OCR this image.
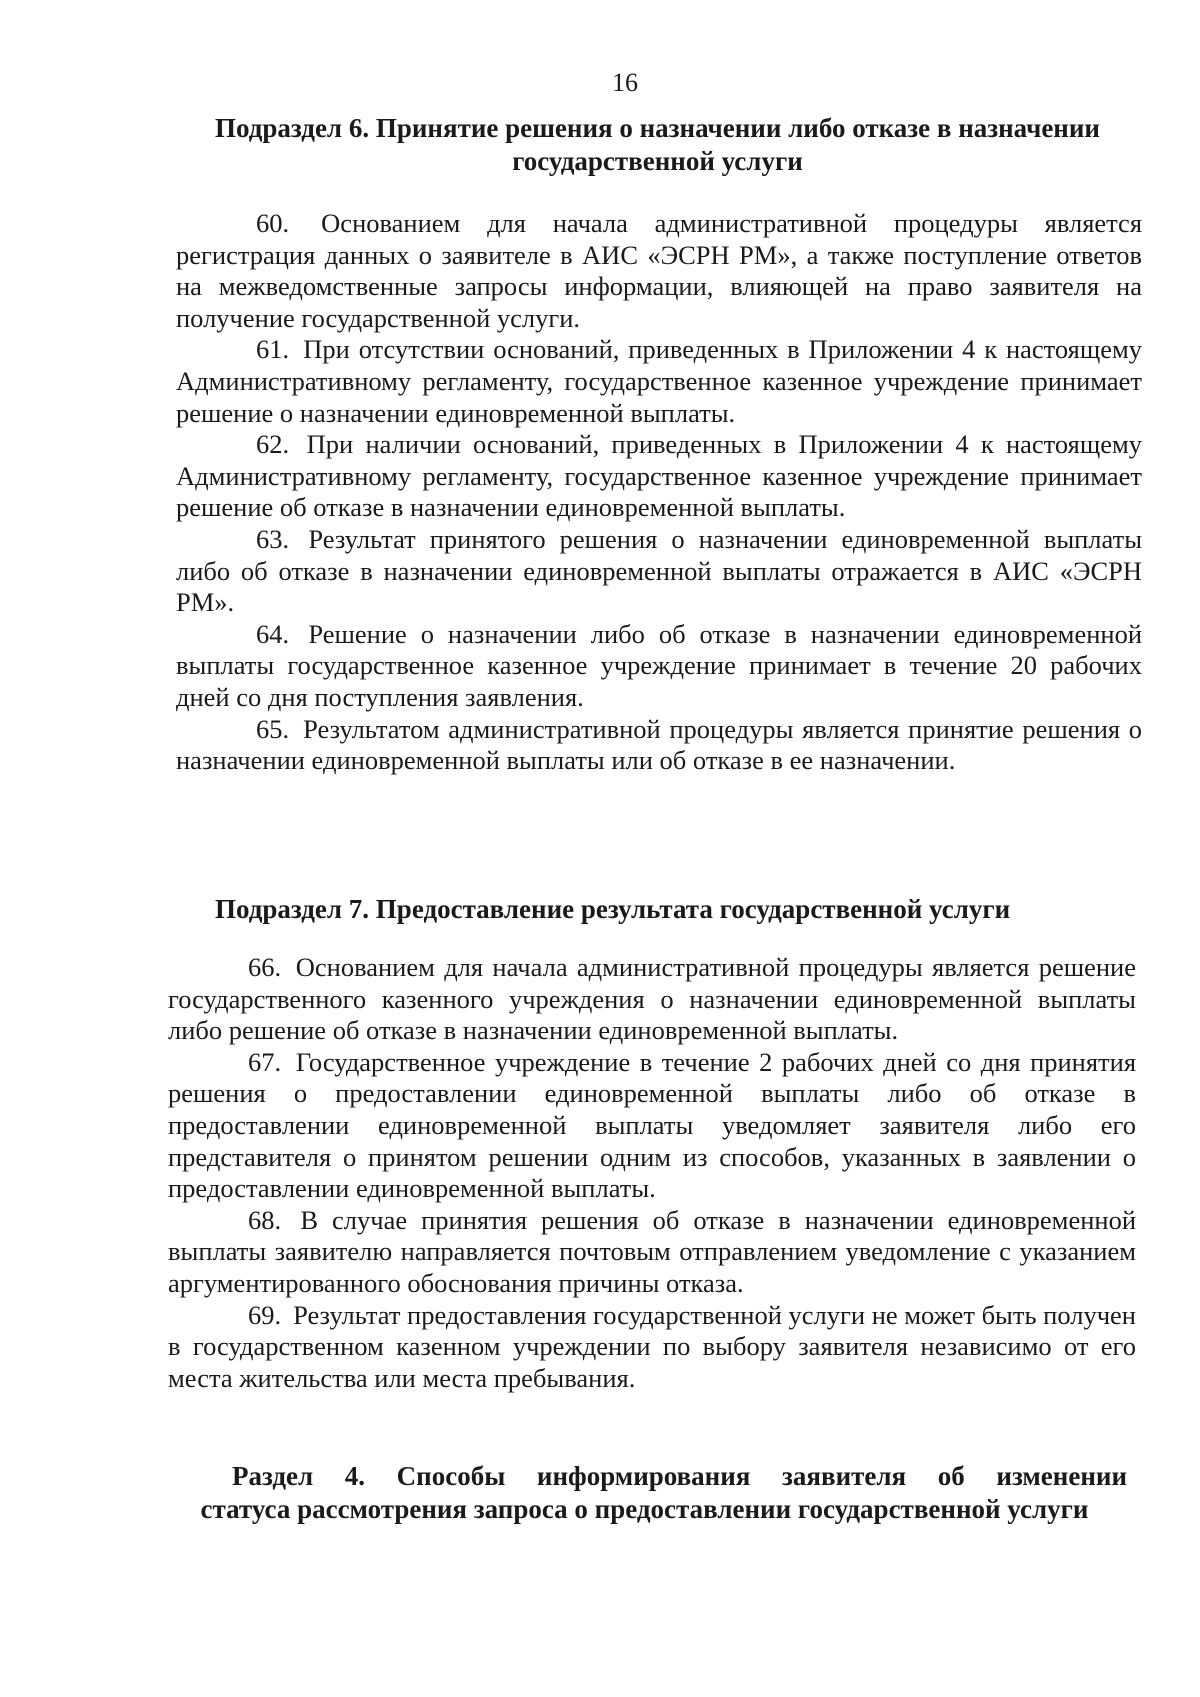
16
Подраздел 6. Принятие решения о назначении либо отказе в назначении государственной услуги

60. Основанием для начала административной процедуры является регистрация данных о заявителе в АИС «ЭСРН РМ», а также поступление ответов на межведомственные запросы информации, влияющей на право заявителя на получение государственной услуги.

61. При отсутствии оснований, приведенных в Приложении 4 к настоящему Административному регламенту, государственное казенное учреждение принимает решение о назначении единовременной выплаты.

62. При наличии оснований, приведенных в Приложении 4 к настоящему Административному регламенту, государственное казенное учреждение принимает решение об отказе в назначении единовременной выплаты.

63. Результат принятого решения о назначении единовременной выплаты либо об отказе в назначении единовременной выплаты отражается в АИС «ЭСРН РМ».

64. Решение о назначении либо об отказе в назначении единовременной выплаты государственное казенное учреждение принимает в течение 20 рабочих дней со дня поступления заявления.

65. Результатом административной процедуры является принятие решения о назначении единовременной выплаты или об отказе в ее назначении.

Подраздел 7. Предоставление результата государственной услуги

66. Основанием для начала административной процедуры является решение государственного казенного учреждения о назначении единовременной выплаты либо решение об отказе в назначении единовременной выплаты.

67. Государственное учреждение в течение 2 рабочих дней со дня принятия решения о предоставлении единовременной выплаты либо об отказе в предоставлении единовременной выплаты уведомляет заявителя либо его представителя о принятом решении одним из способов, указанных в заявлении о предоставлении единовременной выплаты.

68. В случае принятия решения об отказе в назначении единовременной выплаты заявителю направляется почтовым отправлением уведомление с указанием аргументированного обоснования причины отказа.

69. Результат предоставления государственной услуги не может быть получен в государственном казенном учреждении по выбору заявителя независимо от его места жительства или места пребывания.

Раздел 4. Способы информирования заявителя об изменении
статуса рассмотрения запроса о предоставлении государственной услуги
